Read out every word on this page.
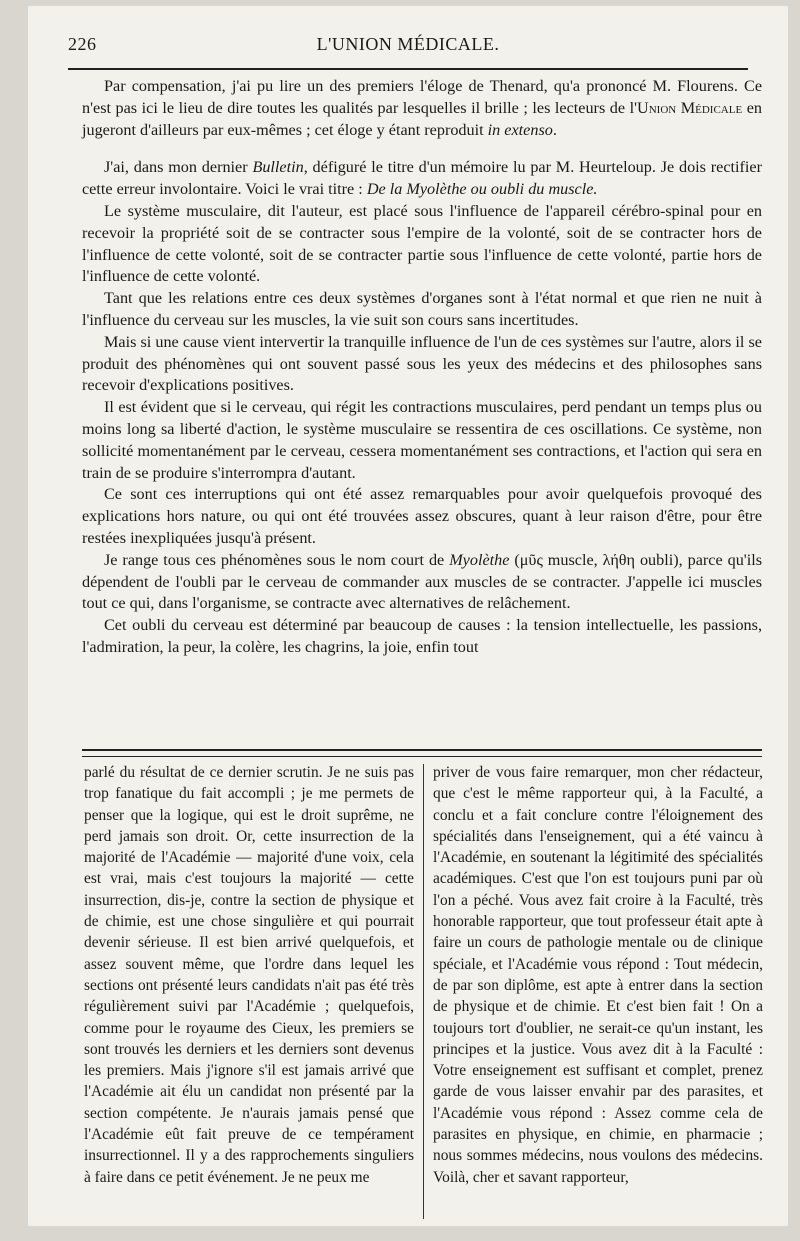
226	L'UNION MÉDICALE.

Par compensation, j'ai pu lire un des premiers l'éloge de Thenard, qu'a prononcé M. Flourens. Ce n'est pas ici le lieu de dire toutes les qualités par lesquelles il brille ; les lecteurs de l'Union Médicale en jugeront d'ailleurs par eux-mêmes ; cet éloge y étant reproduit in extenso.

J'ai, dans mon dernier Bulletin, défiguré le titre d'un mémoire lu par M. Heurteloup. Je dois rectifier cette erreur involontaire. Voici le vrai titre : De la Myolèthe ou oubli du muscle.

Le système musculaire, dit l'auteur, est placé sous l'influence de l'appareil cérébro-spinal pour en recevoir la propriété soit de se contracter sous l'empire de la volonté, soit de se contracter hors de l'influence de cette volonté, soit de se contracter partie sous l'influence de cette volonté, partie hors de l'influence de cette volonté.

Tant que les relations entre ces deux systèmes d'organes sont à l'état normal et que rien ne nuit à l'influence du cerveau sur les muscles, la vie suit son cours sans incertitudes.

Mais si une cause vient intervertir la tranquille influence de l'un de ces systèmes sur l'autre, alors il se produit des phénomènes qui ont souvent passé sous les yeux des médecins et des philosophes sans recevoir d'explications positives.

Il est évident que si le cerveau, qui régit les contractions musculaires, perd pendant un temps plus ou moins long sa liberté d'action, le système musculaire se ressentira de ces oscillations. Ce système, non sollicité momentanément par le cerveau, cessera momentanément ses contractions, et l'action qui sera en train de se produire s'interrompra d'autant.

Ce sont ces interruptions qui ont été assez remarquables pour avoir quelquefois provoqué des explications hors nature, ou qui ont été trouvées assez obscures, quant à leur raison d'être, pour être restées inexpliquées jusqu'à présent.

Je range tous ces phénomènes sous le nom court de Myolèthe (μῦς muscle, λήθη oubli), parce qu'ils dépendent de l'oubli par le cerveau de commander aux muscles de se contracter. J'appelle ici muscles tout ce qui, dans l'organisme, se contracte avec alternatives de relâchement.

Cet oubli du cerveau est déterminé par beaucoup de causes : la tension intellectuelle, les passions, l'admiration, la peur, la colère, les chagrins, la joie, enfin tout

parlé du résultat de ce dernier scrutin. Je ne suis pas trop fanatique du fait accompli ; je me permets de penser que la logique, qui est le droit suprême, ne perd jamais son droit. Or, cette insurrection de la majorité de l'Académie — majorité d'une voix, cela est vrai, mais c'est toujours la majorité — cette insurrection, dis-je, contre la section de physique et de chimie, est une chose singulière et qui pourrait devenir sérieuse. Il est bien arrivé quelquefois, et assez souvent même, que l'ordre dans lequel les sections ont présenté leurs candidats n'ait pas été très régulièrement suivi par l'Académie ; quelquefois, comme pour le royaume des Cieux, les premiers se sont trouvés les derniers et les derniers sont devenus les premiers. Mais j'ignore s'il est jamais arrivé que l'Académie ait élu un candidat non présenté par la section compétente. Je n'aurais jamais pensé que l'Académie eût fait preuve de ce tempérament insurrectionnel. Il y a des rapprochements singuliers à faire dans ce petit événement. Je ne peux me

priver de vous faire remarquer, mon cher rédacteur, que c'est le même rapporteur qui, à la Faculté, a conclu et a fait conclure contre l'éloignement des spécialités dans l'enseignement, qui a été vaincu à l'Académie, en soutenant la légitimité des spécialités académiques. C'est que l'on est toujours puni par où l'on a péché. Vous avez fait croire à la Faculté, très honorable rapporteur, que tout professeur était apte à faire un cours de pathologie mentale ou de clinique spéciale, et l'Académie vous répond : Tout médecin, de par son diplôme, est apte à entrer dans la section de physique et de chimie. Et c'est bien fait ! On a toujours tort d'oublier, ne serait-ce qu'un instant, les principes et la justice. Vous avez dit à la Faculté : Votre enseignement est suffisant et complet, prenez garde de vous laisser envahir par des parasites, et l'Académie vous répond : Assez comme cela de parasites en physique, en chimie, en pharmacie ; nous sommes médecins, nous voulons des médecins. Voilà, cher et savant rapporteur,
